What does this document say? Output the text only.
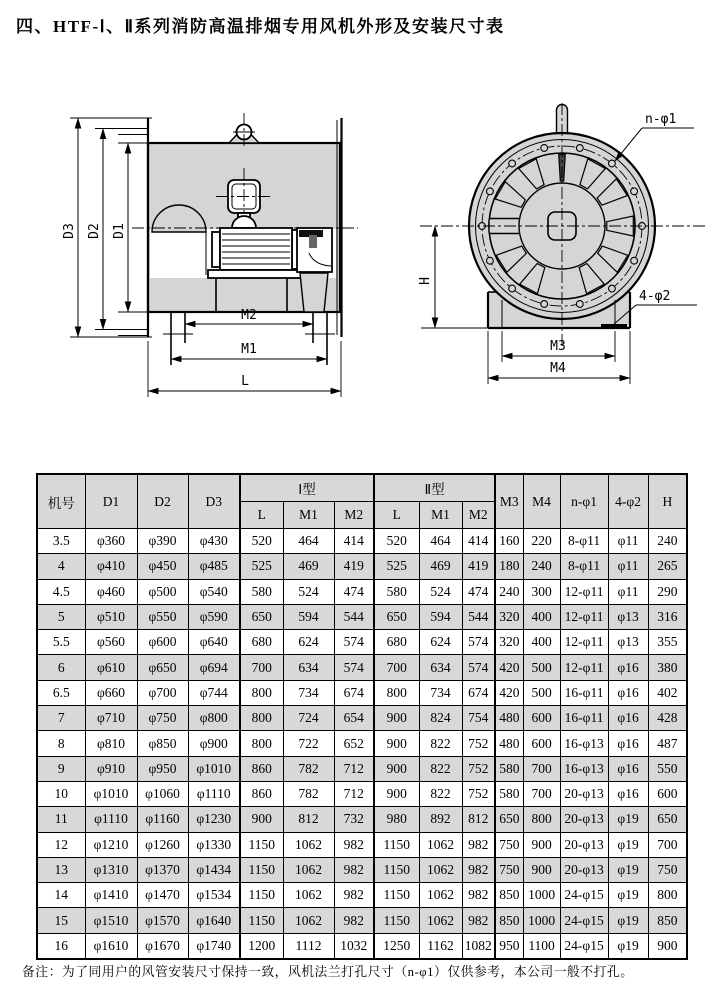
四、HTF-Ⅰ、Ⅱ系列消防高温排烟专用风机外形及安装尺寸表
D3 D2 D1
M2
M1
L
H
M3
M4
n-φ1
4-φ2
机号	D1	D2	D3	Ⅰ型			Ⅱ型			M3	M4	n-φ1	4-φ2	H
				L	M1	M2	L	M1	M2					
3.5	φ360	φ390	φ430	520	464	414	520	464	414	160	220	8-φ11	φ11	240
4	φ410	φ450	φ485	525	469	419	525	469	419	180	240	8-φ11	φ11	265
4.5	φ460	φ500	φ540	580	524	474	580	524	474	240	300	12-φ11	φ11	290
5	φ510	φ550	φ590	650	594	544	650	594	544	320	400	12-φ11	φ13	316
5.5	φ560	φ600	φ640	680	624	574	680	624	574	320	400	12-φ11	φ13	355
6	φ610	φ650	φ694	700	634	574	700	634	574	420	500	12-φ11	φ16	380
6.5	φ660	φ700	φ744	800	734	674	800	734	674	420	500	16-φ11	φ16	402
7	φ710	φ750	φ800	800	724	654	900	824	754	480	600	16-φ11	φ16	428
8	φ810	φ850	φ900	800	722	652	900	822	752	480	600	16-φ13	φ16	487
9	φ910	φ950	φ1010	860	782	712	900	822	752	580	700	16-φ13	φ16	550
10	φ1010	φ1060	φ1110	860	782	712	900	822	752	580	700	20-φ13	φ16	600
11	φ1110	φ1160	φ1230	900	812	732	980	892	812	650	800	20-φ13	φ19	650
12	φ1210	φ1260	φ1330	1150	1062	982	1150	1062	982	750	900	20-φ13	φ19	700
13	φ1310	φ1370	φ1434	1150	1062	982	1150	1062	982	750	900	20-φ13	φ19	750
14	φ1410	φ1470	φ1534	1150	1062	982	1150	1062	982	850	1000	24-φ15	φ19	800
15	φ1510	φ1570	φ1640	1150	1062	982	1150	1062	982	850	1000	24-φ15	φ19	850
16	φ1610	φ1670	φ1740	1200	1112	1032	1250	1162	1082	950	1100	24-φ15	φ19	900
备注：为了同用户的风管安装尺寸保持一致，风机法兰打孔尺寸（n-φ1）仅供参考，本公司一般不打孔。
